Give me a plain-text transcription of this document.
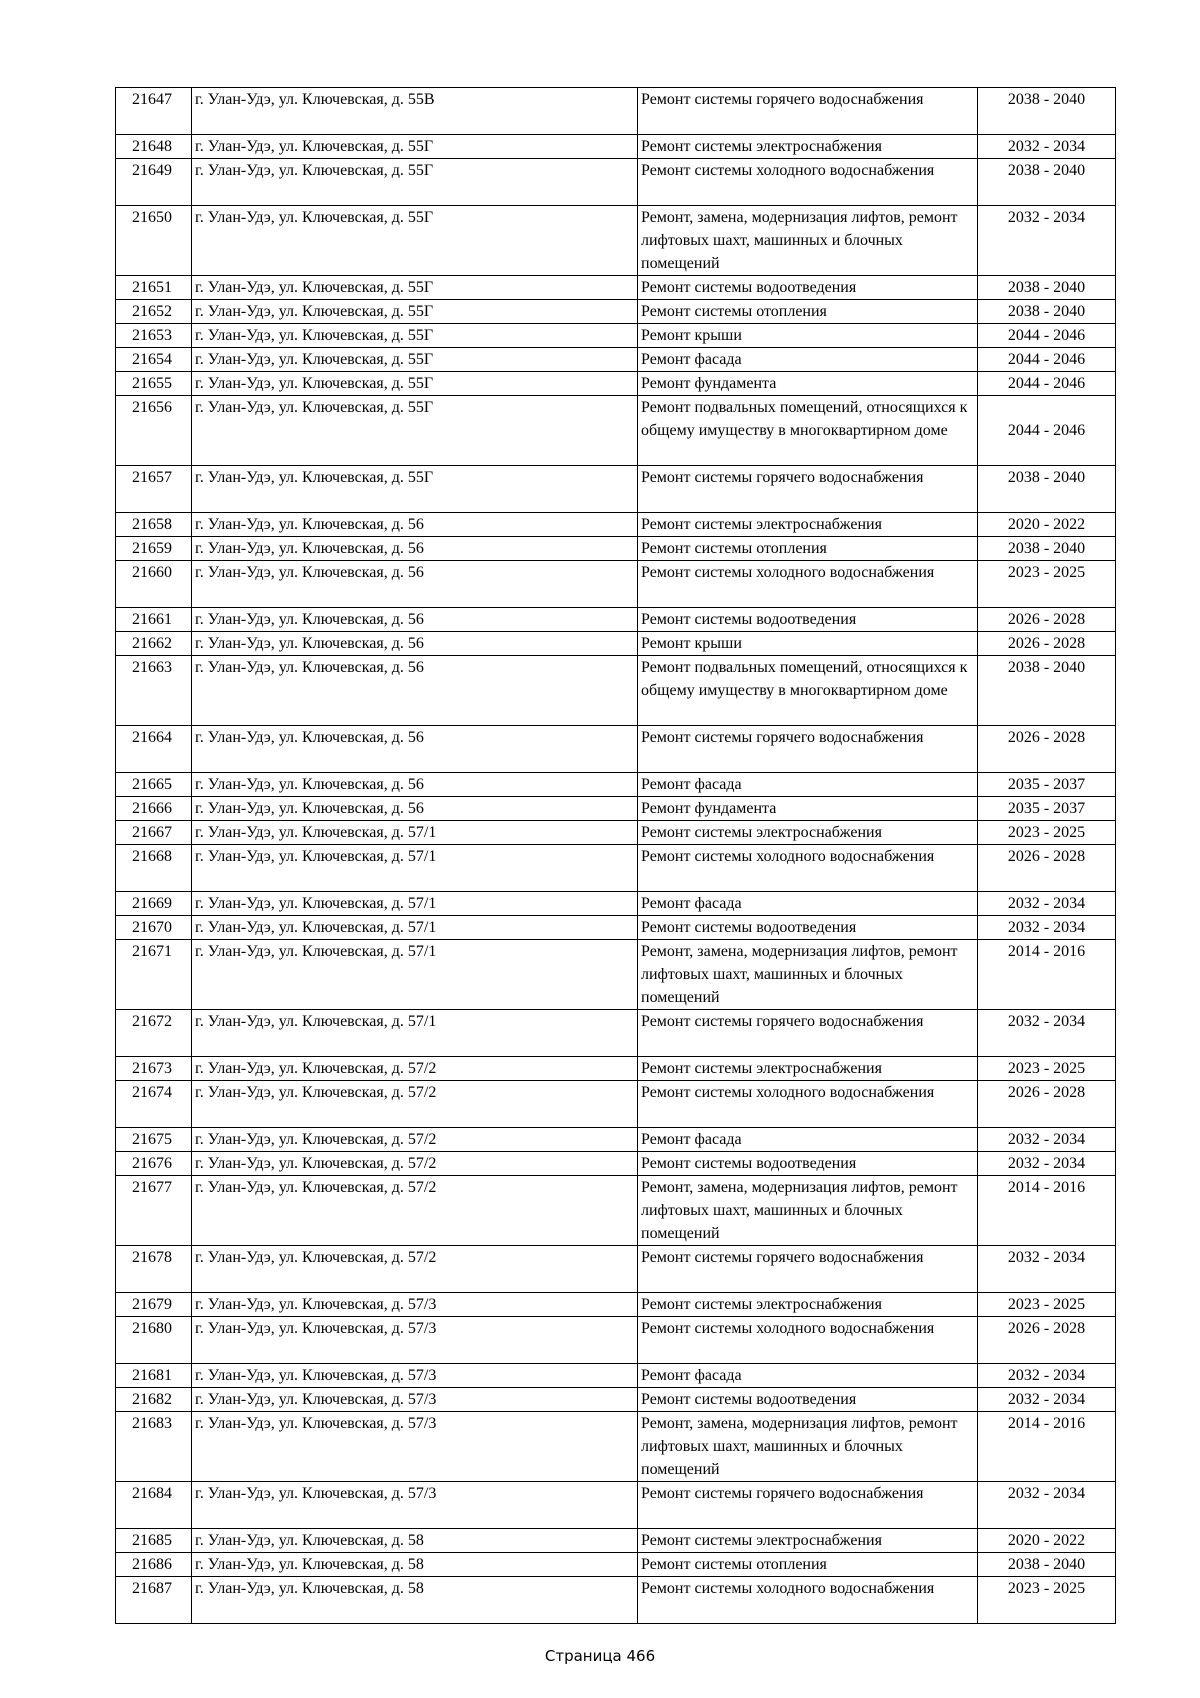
21647	г. Улан-Удэ, ул. Ключевская, д. 55В	Ремонт системы горячего водоснабжения	2038 - 2040
21648	г. Улан-Удэ, ул. Ключевская, д. 55Г	Ремонт системы электроснабжения	2032 - 2034
21649	г. Улан-Удэ, ул. Ключевская, д. 55Г	Ремонт системы холодного водоснабжения	2038 - 2040
21650	г. Улан-Удэ, ул. Ключевская, д. 55Г	Ремонт, замена, модернизация лифтов, ремонт лифтовых шахт, машинных и блочных помещений	2032 - 2034
21651	г. Улан-Удэ, ул. Ключевская, д. 55Г	Ремонт системы водоотведения	2038 - 2040
21652	г. Улан-Удэ, ул. Ключевская, д. 55Г	Ремонт системы отопления	2038 - 2040
21653	г. Улан-Удэ, ул. Ключевская, д. 55Г	Ремонт крыши	2044 - 2046
21654	г. Улан-Удэ, ул. Ключевская, д. 55Г	Ремонт фасада	2044 - 2046
21655	г. Улан-Удэ, ул. Ключевская, д. 55Г	Ремонт фундамента	2044 - 2046
21656	г. Улан-Удэ, ул. Ключевская, д. 55Г	Ремонт подвальных помещений, относящихся к общему имуществу в многоквартирном доме	2044 - 2046
21657	г. Улан-Удэ, ул. Ключевская, д. 55Г	Ремонт системы горячего водоснабжения	2038 - 2040
21658	г. Улан-Удэ, ул. Ключевская, д. 56	Ремонт системы электроснабжения	2020 - 2022
21659	г. Улан-Удэ, ул. Ключевская, д. 56	Ремонт системы отопления	2038 - 2040
21660	г. Улан-Удэ, ул. Ключевская, д. 56	Ремонт системы холодного водоснабжения	2023 - 2025
21661	г. Улан-Удэ, ул. Ключевская, д. 56	Ремонт системы водоотведения	2026 - 2028
21662	г. Улан-Удэ, ул. Ключевская, д. 56	Ремонт крыши	2026 - 2028
21663	г. Улан-Удэ, ул. Ключевская, д. 56	Ремонт подвальных помещений, относящихся к общему имуществу в многоквартирном доме	2038 - 2040
21664	г. Улан-Удэ, ул. Ключевская, д. 56	Ремонт системы горячего водоснабжения	2026 - 2028
21665	г. Улан-Удэ, ул. Ключевская, д. 56	Ремонт фасада	2035 - 2037
21666	г. Улан-Удэ, ул. Ключевская, д. 56	Ремонт фундамента	2035 - 2037
21667	г. Улан-Удэ, ул. Ключевская, д. 57/1	Ремонт системы электроснабжения	2023 - 2025
21668	г. Улан-Удэ, ул. Ключевская, д. 57/1	Ремонт системы холодного водоснабжения	2026 - 2028
21669	г. Улан-Удэ, ул. Ключевская, д. 57/1	Ремонт фасада	2032 - 2034
21670	г. Улан-Удэ, ул. Ключевская, д. 57/1	Ремонт системы водоотведения	2032 - 2034
21671	г. Улан-Удэ, ул. Ключевская, д. 57/1	Ремонт, замена, модернизация лифтов, ремонт лифтовых шахт, машинных и блочных помещений	2014 - 2016
21672	г. Улан-Удэ, ул. Ключевская, д. 57/1	Ремонт системы горячего водоснабжения	2032 - 2034
21673	г. Улан-Удэ, ул. Ключевская, д. 57/2	Ремонт системы электроснабжения	2023 - 2025
21674	г. Улан-Удэ, ул. Ключевская, д. 57/2	Ремонт системы холодного водоснабжения	2026 - 2028
21675	г. Улан-Удэ, ул. Ключевская, д. 57/2	Ремонт фасада	2032 - 2034
21676	г. Улан-Удэ, ул. Ключевская, д. 57/2	Ремонт системы водоотведения	2032 - 2034
21677	г. Улан-Удэ, ул. Ключевская, д. 57/2	Ремонт, замена, модернизация лифтов, ремонт лифтовых шахт, машинных и блочных помещений	2014 - 2016
21678	г. Улан-Удэ, ул. Ключевская, д. 57/2	Ремонт системы горячего водоснабжения	2032 - 2034
21679	г. Улан-Удэ, ул. Ключевская, д. 57/3	Ремонт системы электроснабжения	2023 - 2025
21680	г. Улан-Удэ, ул. Ключевская, д. 57/3	Ремонт системы холодного водоснабжения	2026 - 2028
21681	г. Улан-Удэ, ул. Ключевская, д. 57/3	Ремонт фасада	2032 - 2034
21682	г. Улан-Удэ, ул. Ключевская, д. 57/3	Ремонт системы водоотведения	2032 - 2034
21683	г. Улан-Удэ, ул. Ключевская, д. 57/3	Ремонт, замена, модернизация лифтов, ремонт лифтовых шахт, машинных и блочных помещений	2014 - 2016
21684	г. Улан-Удэ, ул. Ключевская, д. 57/3	Ремонт системы горячего водоснабжения	2032 - 2034
21685	г. Улан-Удэ, ул. Ключевская, д. 58	Ремонт системы электроснабжения	2020 - 2022
21686	г. Улан-Удэ, ул. Ключевская, д. 58	Ремонт системы отопления	2038 - 2040
21687	г. Улан-Удэ, ул. Ключевская, д. 58	Ремонт системы холодного водоснабжения	2023 - 2025
Страница 466
